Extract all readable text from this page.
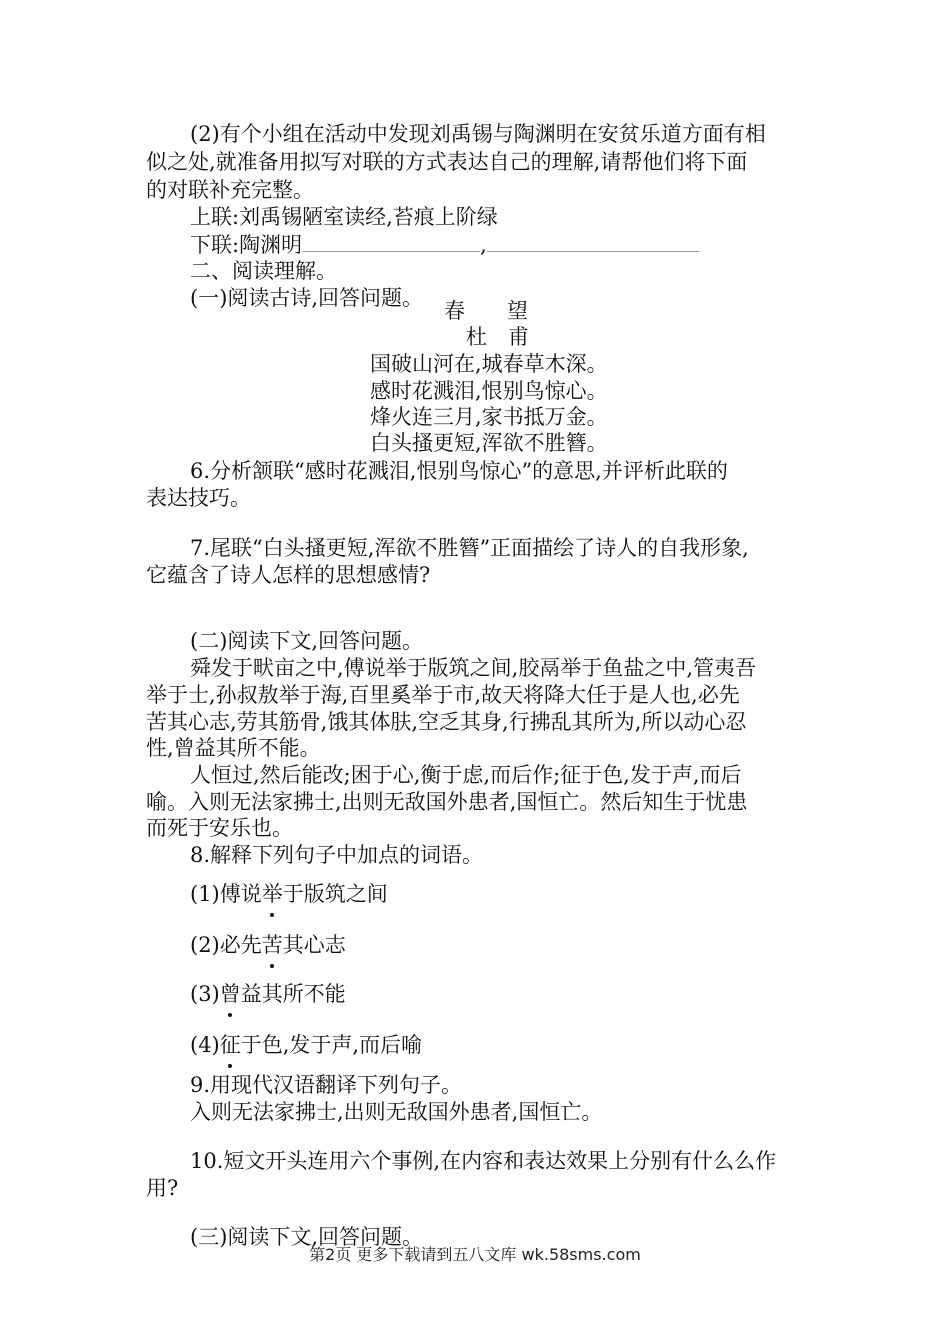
(2)有个小组在活动中发现刘禹锡与陶渊明在安贫乐道方面有相
似之处,就准备用拟写对联的方式表达自己的理解,请帮他们将下面
的对联补充完整。
上联:刘禹锡陋室读经,苔痕上阶绿
下联:陶渊明	,
二、阅读理解。
(一)阅读古诗,回答问题。
春　　望
杜　甫
国破山河在,城春草木深。
感时花溅泪,恨别鸟惊心。
烽火连三月,家书抵万金。
白头搔更短,浑欲不胜簪。
6.分析颔联“感时花溅泪,恨别鸟惊心”的意思,并评析此联的
表达技巧。
7.尾联“白头搔更短,浑欲不胜簪”正面描绘了诗人的自我形象,
它蕴含了诗人怎样的思想感情?
(二)阅读下文,回答问题。
舜发于畎亩之中,傅说举于版筑之间,胶鬲举于鱼盐之中,管夷吾
举于士,孙叔敖举于海,百里奚举于市,故天将降大任于是人也,必先
苦其心志,劳其筋骨,饿其体肤,空乏其身,行拂乱其所为,所以动心忍
性,曾益其所不能。
人恒过,然后能改;困于心,衡于虑,而后作;征于色,发于声,而后
喻。入则无法家拂士,出则无敌国外患者,国恒亡。然后知生于忧患
而死于安乐也。
8.解释下列句子中加点的词语。
(1)傅说举于版筑之间
(2)必先苦其心志
(3)曾益其所不能
(4)征于色,发于声,而后喻
9.用现代汉语翻译下列句子。
入则无法家拂士,出则无敌国外患者,国恒亡。
10.短文开头连用六个事例,在内容和表达效果上分别有什么么作
用?
(三)阅读下文,回答问题。
第2页 更多下载请到五八文库 wk.58sms.com
